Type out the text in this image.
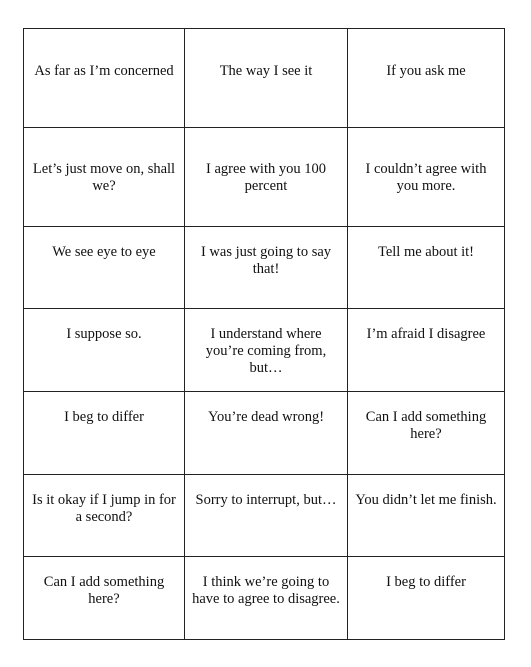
As far as I’m concerned	The way I see it	If you ask me

Let’s just move on, shall we?	I agree with you 100 percent	I couldn’t agree with you more.

We see eye to eye	I was just going to say that!	Tell me about it!

I suppose so.	I understand where you’re coming from, but…	I’m afraid I disagree

I beg to differ	You’re dead wrong!	Can I add something here?

Is it okay if I jump in for a second?	Sorry to interrupt, but…	You didn’t let me finish.

Can I add something here?	I think we’re going to have to agree to disagree.	I beg to differ
